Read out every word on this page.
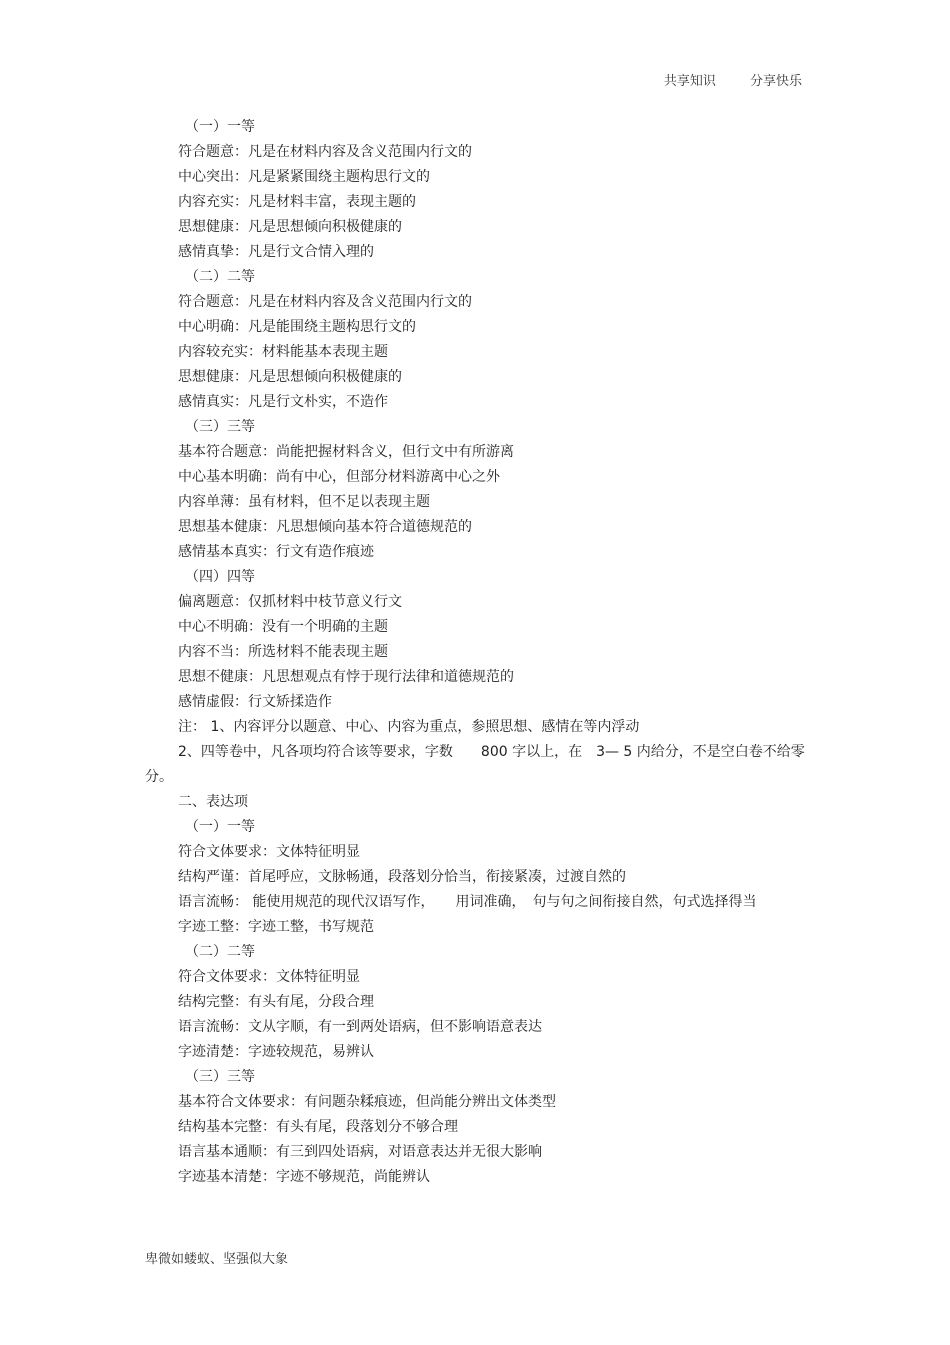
共享知识	分享快乐
（一）一等
符合题意：凡是在材料内容及含义范围内行文的
中心突出：凡是紧紧围绕主题构思行文的
内容充实：凡是材料丰富，表现主题的
思想健康：凡是思想倾向积极健康的
感情真挚：凡是行文合情入理的
（二）二等
符合题意：凡是在材料内容及含义范围内行文的
中心明确：凡是能围绕主题构思行文的
内容较充实：材料能基本表现主题
思想健康：凡是思想倾向积极健康的
感情真实：凡是行文朴实，不造作
（三）三等
基本符合题意：尚能把握材料含义，但行文中有所游离
中心基本明确：尚有中心，但部分材料游离中心之外
内容单薄：虽有材料，但不足以表现主题
思想基本健康：凡思想倾向基本符合道德规范的
感情基本真实：行文有造作痕迹
（四）四等
偏离题意：仅抓材料中枝节意义行文
中心不明确：没有一个明确的主题
内容不当：所选材料不能表现主题
思想不健康：凡思想观点有悖于现行法律和道德规范的
感情虚假：行文矫揉造作
注： 1、内容评分以题意、中心、内容为重点，参照思想、感情在等内浮动
2、四等卷中，凡各项均符合该等要求，字数　　800 字以上，在　3— 5 内给分，不是空白卷不给零分。
二、表达项
（一）一等
符合文体要求：文体特征明显
结构严谨：首尾呼应，文脉畅通，段落划分恰当，衔接紧凑，过渡自然的
语言流畅： 能使用规范的现代汉语写作，　　用词准确，　句与句之间衔接自然，句式选择得当
字迹工整：字迹工整，书写规范
（二）二等
符合文体要求：文体特征明显
结构完整：有头有尾，分段合理
语言流畅：文从字顺，有一到两处语病，但不影响语意表达
字迹清楚：字迹较规范，易辨认
（三）三等
基本符合文体要求：有问题杂糅痕迹，但尚能分辨出文体类型
结构基本完整：有头有尾，段落划分不够合理
语言基本通顺：有三到四处语病，对语意表达并无很大影响
字迹基本清楚：字迹不够规范，尚能辨认
卑微如蝼蚁、坚强似大象
